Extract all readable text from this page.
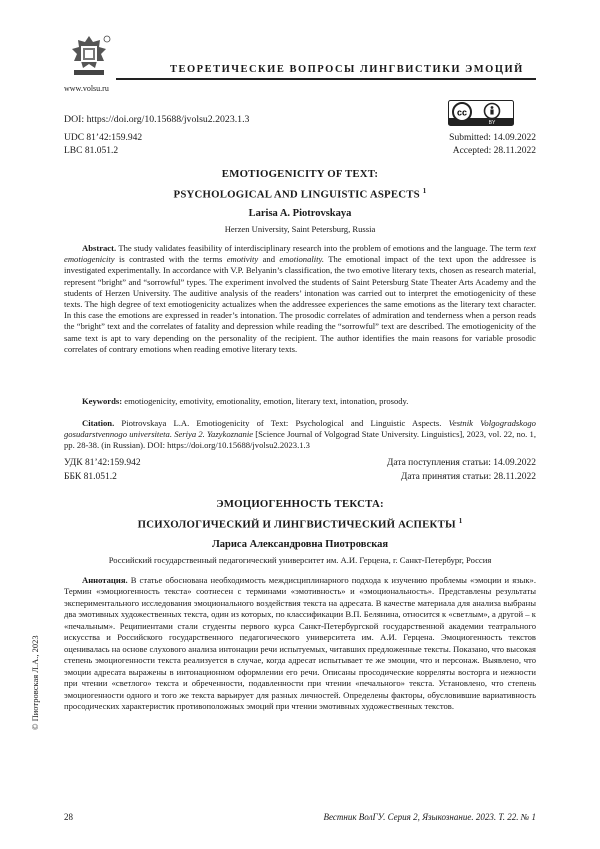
ТЕОРЕТИЧЕСКИЕ ВОПРОСЫ ЛИНГВИСТИКИ ЭМОЦИЙ
www.volsu.ru
DOI: https://doi.org/10.15688/jvolsu2.2023.1.3
cc
BY
UDC 81’42:159.942
LBC 81.051.2
Submitted: 14.09.2022
Accepted: 28.11.2022
EMOTIOGENICITY OF TEXT:
PSYCHOLOGICAL AND LINGUISTIC ASPECTS $^1$
Larisa A. Piotrovskaya
Herzen University, Saint Petersburg, Russia
Abstract. The study validates feasibility of interdisciplinary research into the problem of emotions and the language. The term text emotiogenicity is contrasted with the terms emotivity and emotionality. The emotional impact of the text upon the addressee is investigated experimentally. In accordance with V.P. Belyanin’s classification, the two emotive literary texts, chosen as research material, represent “bright” and “sorrowful” types. The experiment involved the students of Saint Petersburg State Theater Arts Academy and the students of Herzen University. The auditive analysis of the readers’ intonation was carried out to interpret the emotiogenicity of these texts. The high degree of text emotiogenicity actualizes when the addressee experiences the same emotions as the literary text character. In this case the emotions are expressed in reader’s intonation. The prosodic correlates of admiration and tenderness when a person reads the “bright” text and the correlates of fatality and depression while reading the “sorrowful” text are described. The emotiogenicity of the same text is apt to vary depending on the personality of the recipient. The author identifies the main reasons for variable prosodic correlates of contrary emotions when reading emotive literary texts.
Keywords: emotiogenicity, emotivity, emotionality, emotion, literary text, intonation, prosody.
Citation. Piotrovskaya L.A. Emotiogenicity of Text: Psychological and Linguistic Aspects. Vestnik Volgogradskogo gosudarstvennogo universiteta. Seriya 2. Yazykoznanie [Science Journal of Volgograd State University. Linguistics], 2023, vol. 22, no. 1, pp. 28-38. (in Russian). DOI: https://doi.org/10.15688/jvolsu2.2023.1.3
УДК 81’42:159.942
ББК 81.051.2
Дата поступления статьи: 14.09.2022
Дата принятия статьи: 28.11.2022
ЭМОЦИОГЕННОСТЬ ТЕКСТА:
ПСИХОЛОГИЧЕСКИЙ И ЛИНГВИСТИЧЕСКИЙ АСПЕКТЫ $^1$
Лариса Александровна Пиотровская
Российский государственный педагогический университет им. А.И. Герцена, г. Санкт-Петербург, Россия
Аннотация. В статье обоснована необходимость междисциплинарного подхода к изучению проблемы «эмоции и язык». Термин «эмоциогенность текста» соотнесен с терминами «эмотивность» и «эмоциональность». Представлены результаты экспериментального исследования эмоционального воздействия текста на адресата. В качестве материала для анализа выбраны два эмотивных художественных текста, один из которых, по классификации В.П. Белянина, относится к «светлым», а другой – к «печальным». Реципиентами стали студенты первого курса Санкт-Петербургской государственной академии театрального искусства и Российского государственного педагогического университета им. А.И. Герцена. Эмоциогенность текстов оценивалась на основе слухового анализа интонации речи испытуемых, читавших предложенные тексты. Показано, что высокая степень эмоциогенности текста реализуется в случае, когда адресат испытывает те же эмоции, что и персонаж. Выявлено, что эмоции адресата выражены в интонационном оформлении его речи. Описаны просодические корреляты восторга и нежности при чтении «светлого» текста и обреченности, подавленности при чтении «печального» текста. Установлено, что степень эмоциогенности одного и того же текста варьирует для разных личностей. Определены факторы, обусловившие вариативность просодических характеристик противоположных эмоций при чтении эмотивных художественных текстов.
© Пиотровская Л.А., 2023
28	Вестник ВолГУ. Серия 2, Языкознание. 2023. Т. 22. № 1
